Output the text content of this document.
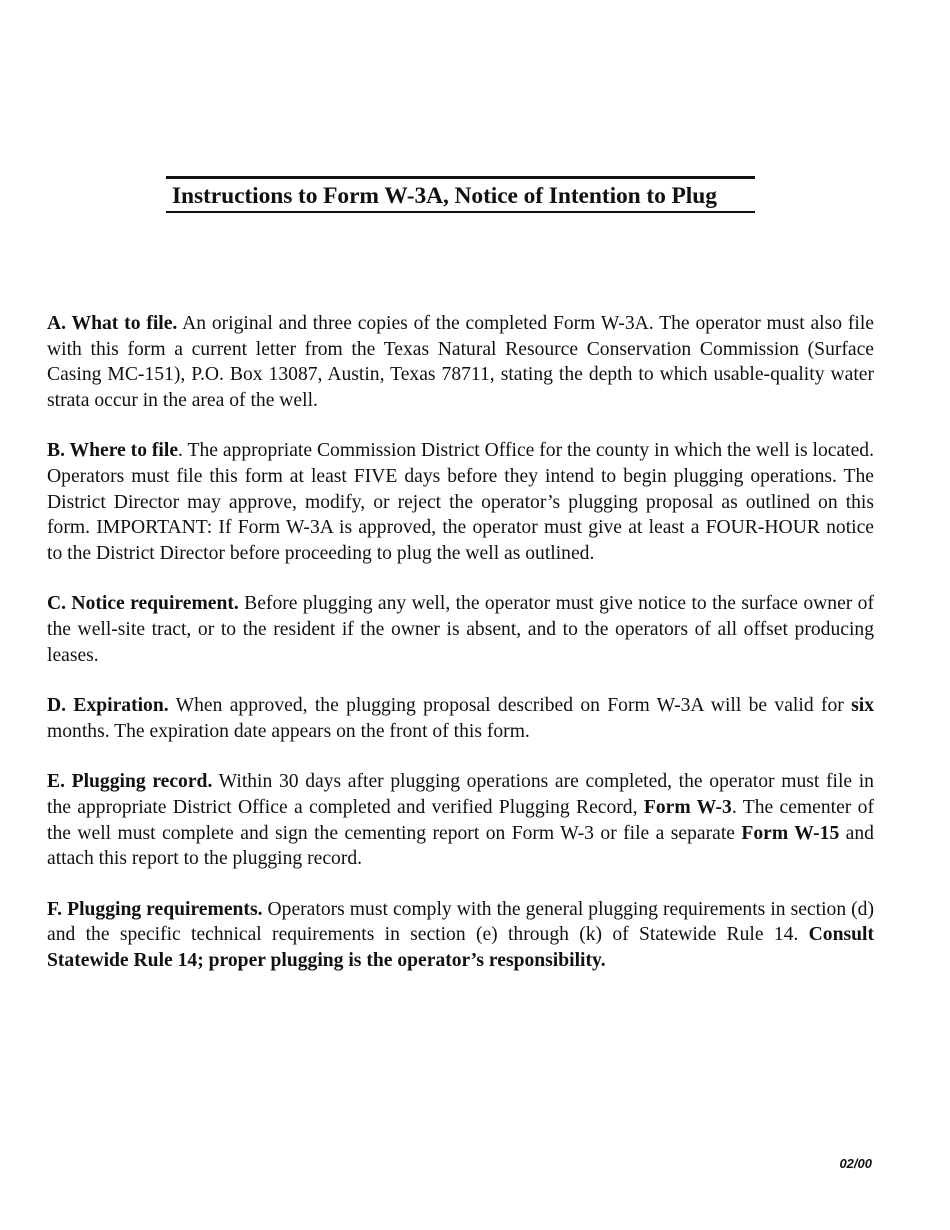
Instructions to Form W-3A, Notice of Intention to Plug

A. What to file. An original and three copies of the completed Form W-3A. The operator must also file with this form a current letter from the Texas Natural Resource Conservation Commission (Surface Casing MC-151), P.O. Box 13087, Austin, Texas 78711, stating the depth to which usable-quality water strata occur in the area of the well.

B. Where to file. The appropriate Commission District Office for the county in which the well is located. Operators must file this form at least FIVE days before they intend to begin plugging operations. The District Director may approve, modify, or reject the operator’s plugging proposal as outlined on this form. IMPORTANT: If Form W-3A is approved, the operator must give at least a FOUR-HOUR notice to the District Director before proceeding to plug the well as outlined.

C. Notice requirement. Before plugging any well, the operator must give notice to the surface owner of the well-site tract, or to the resident if the owner is absent, and to the operators of all offset producing leases.

D. Expiration. When approved, the plugging proposal described on Form W-3A will be valid for six months. The expiration date appears on the front of this form.

E. Plugging record. Within 30 days after plugging operations are completed, the operator must file in the appropriate District Office a completed and verified Plugging Record, Form W-3. The cementer of the well must complete and sign the cementing report on Form W-3 or file a separate Form W-15 and attach this report to the plugging record.

F. Plugging requirements. Operators must comply with the general plugging requirements in section (d) and the specific technical requirements in section (e) through (k) of Statewide Rule 14. Consult Statewide Rule 14; proper plugging is the operator’s responsibility.

02/00
